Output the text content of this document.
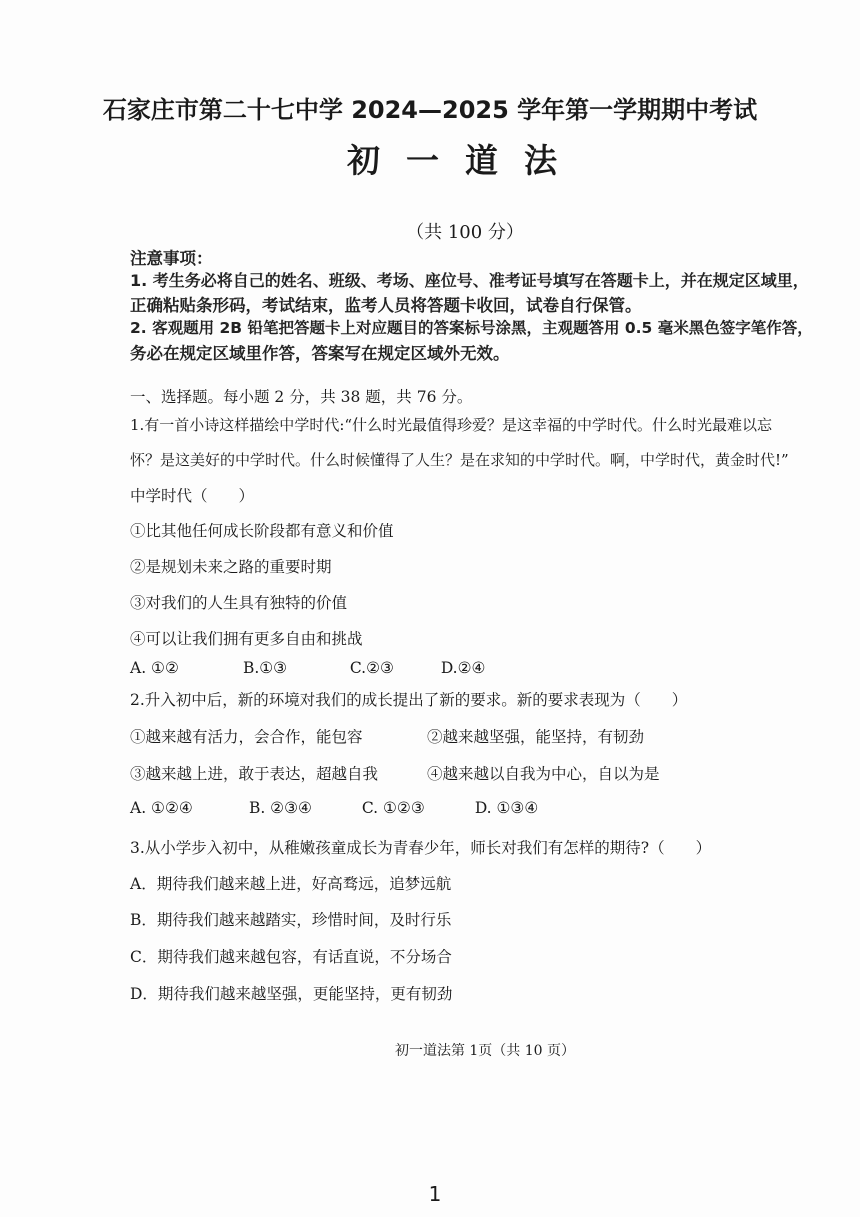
石家庄市第二十七中学 2024—2025 学年第一学期期中考试
初一道法
（共 100 分）
注意事项：
1. 考生务必将自己的姓名、班级、考场、座位号、准考证号填写在答题卡上，并在规定区域里，
正确粘贴条形码，考试结束，监考人员将答题卡收回，试卷自行保管。
2. 客观题用 2B 铅笔把答题卡上对应题目的答案标号涂黑，主观题答用 0.5 毫米黑色签字笔作答，
务必在规定区域里作答，答案写在规定区域外无效。
一、选择题。每小题 2 分，共 38 题，共 76 分。
1.有一首小诗这样描绘中学时代:“什么时光最值得珍爱？是这幸福的中学时代。什么时光最难以忘
怀？是这美好的中学时代。什么时候懂得了人生？是在求知的中学时代。啊，中学时代，黄金时代!”
中学时代（　　）
①比其他任何成长阶段都有意义和价值
②是规划未来之路的重要时期
③对我们的人生具有独特的价值
④可以让我们拥有更多自由和挑战
A. ①②	B.①③	C.②③	D.②④
2.升入初中后，新的环境对我们的成长提出了新的要求。新的要求表现为（　　）
①越来越有活力，会合作，能包容	②越来越坚强，能坚持，有韧劲
③越来越上进，敢于表达，超越自我	④越来越以自我为中心，自以为是
A. ①②④	B. ②③④	C. ①②③	D. ①③④
3.从小学步入初中，从稚嫩孩童成长为青春少年，师长对我们有怎样的期待?（　　）
A．期待我们越来越上进，好高骛远，追梦远航
B．期待我们越来越踏实，珍惜时间，及时行乐
C．期待我们越来越包容，有话直说，不分场合
D．期待我们越来越坚强，更能坚持，更有韧劲
初一道法第 1页（共 10 页）
1
